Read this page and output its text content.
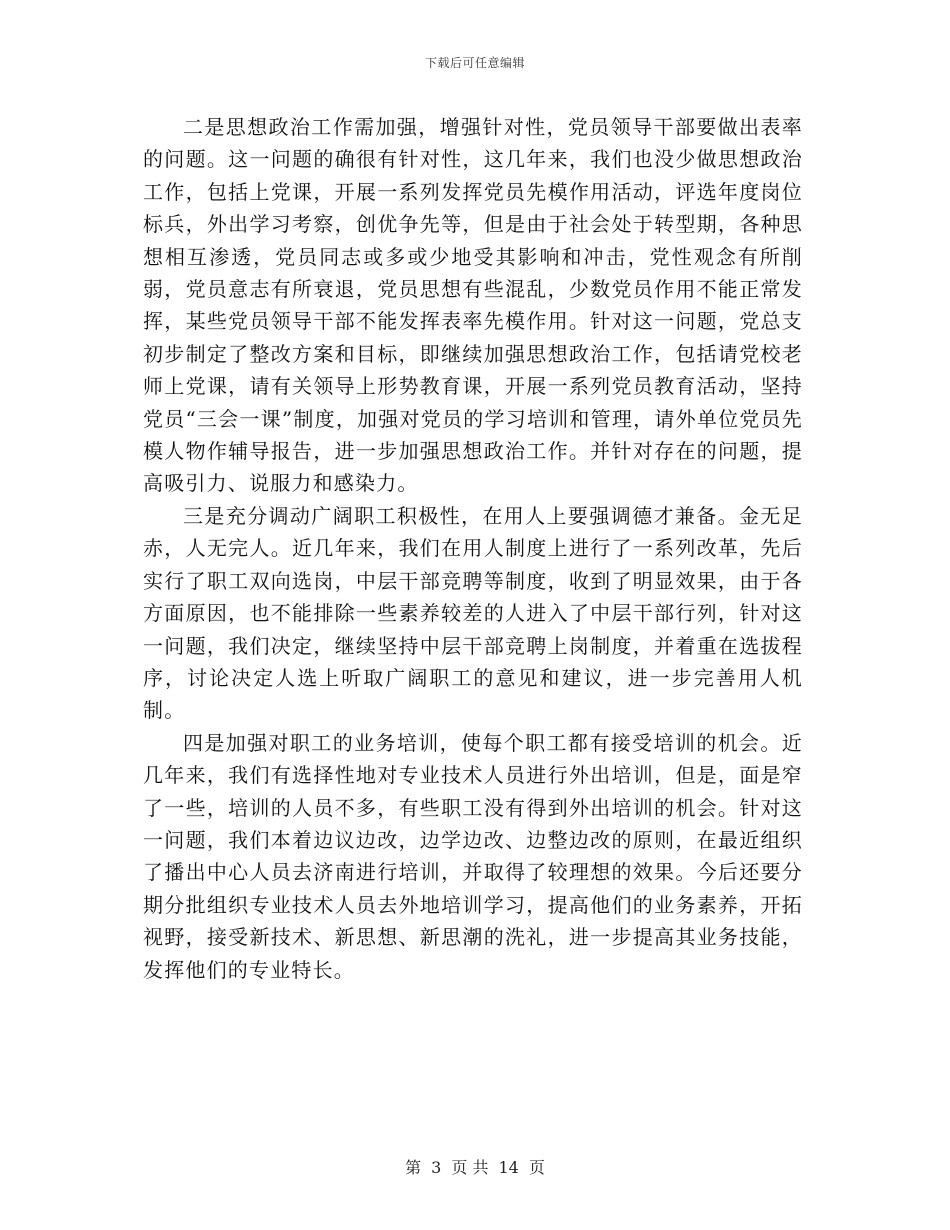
下载后可任意编辑

二是思想政治工作需加强，增强针对性，党员领导干部要做出表率的问题。这一问题的确很有针对性，这几年来，我们也没少做思想政治工作，包括上党课，开展一系列发挥党员先模作用活动，评选年度岗位标兵，外出学习考察，创优争先等，但是由于社会处于转型期，各种思想相互渗透，党员同志或多或少地受其影响和冲击，党性观念有所削弱，党员意志有所衰退，党员思想有些混乱，少数党员作用不能正常发挥，某些党员领导干部不能发挥表率先模作用。针对这一问题，党总支初步制定了整改方案和目标，即继续加强思想政治工作，包括请党校老师上党课，请有关领导上形势教育课，开展一系列党员教育活动，坚持党员“三会一课”制度，加强对党员的学习培训和管理，请外单位党员先模人物作辅导报告，进一步加强思想政治工作。并针对存在的问题，提高吸引力、说服力和感染力。

三是充分调动广阔职工积极性，在用人上要强调德才兼备。金无足赤，人无完人。近几年来，我们在用人制度上进行了一系列改革，先后实行了职工双向选岗，中层干部竞聘等制度，收到了明显效果，由于各方面原因，也不能排除一些素养较差的人进入了中层干部行列，针对这一问题，我们决定，继续坚持中层干部竞聘上岗制度，并着重在选拔程序，讨论决定人选上听取广阔职工的意见和建议，进一步完善用人机制。

四是加强对职工的业务培训，使每个职工都有接受培训的机会。近几年来，我们有选择性地对专业技术人员进行外出培训，但是，面是窄了一些，培训的人员不多，有些职工没有得到外出培训的机会。针对这一问题，我们本着边议边改，边学边改、边整边改的原则，在最近组织了播出中心人员去济南进行培训，并取得了较理想的效果。今后还要分期分批组织专业技术人员去外地培训学习，提高他们的业务素养，开拓视野，接受新技术、新思想、新思潮的洗礼，进一步提高其业务技能，发挥他们的专业特长。

第 3 页 共 14 页
